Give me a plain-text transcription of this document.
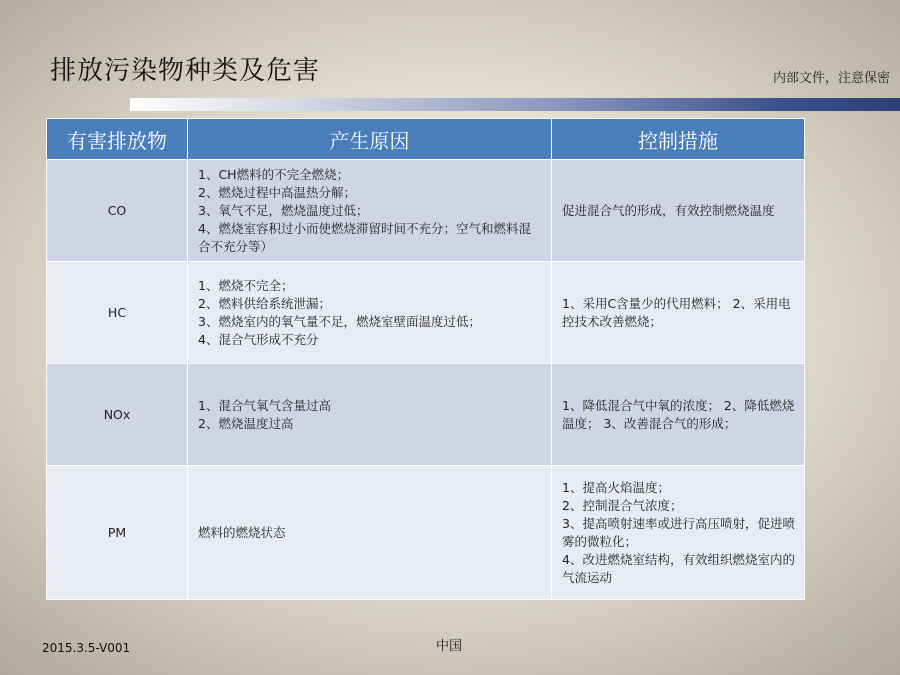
排放污染物种类及危害	内部文件，注意保密
有害排放物	产生原因	控制措施
CO	1、CH燃料的不完全燃烧；
2、燃烧过程中高温热分解；
3、氧气不足，燃烧温度过低；
4、燃烧室容积过小而使燃烧滞留时间不充分；空气和燃料混合不充分等）	促进混合气的形成，有效控制燃烧温度

HC	1、燃烧不完全；
2、燃料供给系统泄漏；
3、燃烧室内的氧气量不足，燃烧室壁面温度过低；
4、混合气形成不充分	1、采用C含量少的代用燃料； 2、采用电控技术改善燃烧；

NOx	1、混合气氧气含量过高
2、燃烧温度过高	1、降低混合气中氧的浓度； 2、降低燃烧温度； 3、改善混合气的形成；

PM	燃料的燃烧状态	1、提高火焰温度；
2、控制混合气浓度；
3、提高喷射速率或进行高压喷射，促进喷雾的微粒化；
4、改进燃烧室结构，有效组织燃烧室内的气流运动
2015.3.5-V001	中国	0
